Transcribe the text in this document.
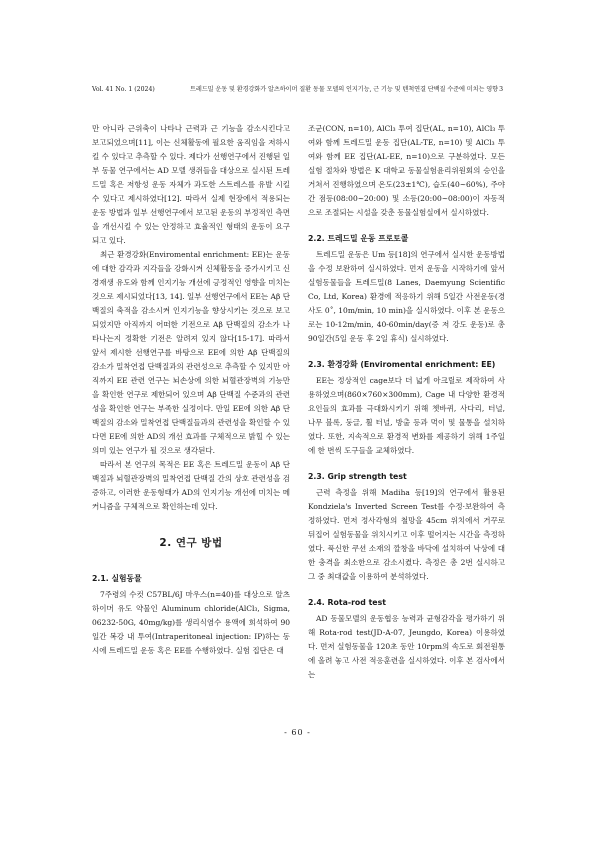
Vol. 41 No. 1 (2024)	트레드밀 운동 및 환경강화가 알츠하이머 질환 동물 모델의 인지기능, 근 기능 및 텐척연결 단백질 수준에 미치는 영향 3

만 아니라 근위축이 나타나 근력과 근 기능을 감소시킨다고 보고되었으며[11], 이는 신체활동에 필요한 움직임을 저하시킬 수 있다고 추측할 수 있다. 제다가 선행연구에서 진행된 일부 동물 연구에서는 AD 모델 생쥐들을 대상으로 실시된 트레드밀 혹은 저항성 운동 자체가 과도한 스트레스를 유발 시킬 수 있다고 제시하였다[12]. 따라서 실제 현장에서 적용되는 운동 방법과 일부 선행연구에서 보고된 운동의 부정적인 측면을 개선시킬 수 있는 안정하고 효율적인 형태의 운동이 요구되고 있다.

최근 환경강화(Enviromental enrichment: EE)는 운동에 대한 감각과 지각들을 강화시켜 신체활동을 증가시키고 신경재생 유도와 함께 인지기능 개선에 긍정적인 영향을 미치는 것으로 제시되었다[13, 14]. 일부 선행연구에서 EE는 Aβ 단백질의 축적을 감소시켜 인지기능을 향상시키는 것으로 보고되었지만 아직까지 어떠한 기전으로 Aβ 단백질의 감소가 나타나는지 정확한 기전은 알려져 있지 않다[15-17]. 따라서 앞서 제시한 선행연구를 바탕으로 EE에 의한 Aβ 단백질의 감소가 밀착연접 단백질과의 관련성으로 추측할 수 있지만 아직까지 EE 관련 연구는 뇌손상에 의한 뇌혈관장벽의 기능만을 확인한 연구로 제한되어 있으며 Aβ 단백질 수준과의 관련성을 확인한 연구는 부족한 실정이다. 만일 EE에 의한 Aβ 단백질의 감소와 밀착연접 단백질들과의 관련성을 확인할 수 있다면 EE에 의한 AD의 개선 효과를 구체적으로 밝힐 수 있는 의미 있는 연구가 될 것으로 생각된다.

따라서 본 연구의 목적은 EE 혹은 트레드밀 운동이 Aβ 단백질과 뇌혈관장벽의 밀착연접 단백질 간의 상호 관련성을 검증하고, 이러한 운동형태가 AD의 인지기능 개선에 미치는 메커니즘을 구체적으로 확인하는데 있다.

2. 연구 방법
2.1. 실험동물

7주령의 수컷 C57BL/6J 마우스(n=40)를 대상으로 알츠하이머 유도 약물인 Aluminum chloride(AlCl₃, Sigma, 06232-50G, 40mg/kg)를 생리식염수 용액에 희석하여 90일간 복강 내 투여(Intraperitoneal injection: IP)하는 동시에 트레드밀 운동 혹은 EE를 수행하였다. 실험 집단은 대

조군(CON, n=10), AlCl₃ 투여 집단(AL, n=10), AlCl₃ 투여와 함께 트레드밀 운동 집단(AL-TE, n=10) 및 AlCl₃ 투여와 함께 EE 집단(AL-EE, n=10)으로 구분하였다. 모든 실험 절차와 방법은 K 대학교 동물실험윤리위원회의 승인을 거쳐서 진행하였으며 온도(23±1℃), 습도(40~60%), 주야간 점등(08:00~20:00) 및 소등(20:00~08:00)이 자동적으로 조절되는 시설을 갖춘 동물실험실에서 실시하였다.

2.2. 트레드밀 운동 프로토콜

트레드밀 운동은 Um 등[18]의 연구에서 실시한 운동방법을 수정 보완하여 실시하였다. 먼저 운동을 시작하기에 앞서 실험동물들을 트레드밀(8 Lanes, Daemyung Scientific Co, Ltd, Korea) 환경에 적응하기 위해 5일간 사전운동(경사도 0˚, 10m/min, 10 min)을 실시하였다. 이후 본 운동으로는 10-12m/min, 40-60min/day(증 저 강도 운동)로 총 90일간(5일 운동 후 2일 휴식) 실시하였다.

2.3. 환경강화 (Enviromental enrichment: EE)

EE는 정상적인 cage보다 더 넓게 아크릴로 제작하여 사용하였으며(860×760×300mm), Cage 내 다양한 환경적 요인들의 효과를 극대화시키기 위해 쳇바퀴, 사다리, 터널, 나무 블록, 둥글, 휠 터널, 방출 등과 먹이 및 물통을 설치하였다. 또한, 지속적으로 환경적 변화를 제공하기 위해 1주일에 한 번씩 도구들을 교체하였다.

2.3. Grip strength test

근력 측정을 위해 Madiha 등[19]의 연구에서 활용된 Kondziela's Inverted Screen Test를 수정·보완하여 측정하였다. 먼저 정사각형의 철망을 45cm 위치에서 거꾸로 뒤집어 실험동물을 위치시키고 이후 떨어지는 시간을 측정하였다. 푹신한 쿠션 소재의 깔창을 바닥에 설치하여 낙상에 대한 충격을 최소한으로 감소시켰다. 측정은 총 2번 실시하고 그 중 최대값을 이용하여 분석하였다.

2.4. Rota-rod test

AD 동물모델의 운동협응 능력과 균형감각을 평가하기 위해 Rota-rod test(JD-A-07, Jeungdo, Korea) 이용하였다. 먼저 실험동물을 120초 동안 10rpm의 속도로 회전원통에 올려 놓고 사전 적응훈련을 실시하였다. 이후 본 검사에서는

- 60 -
